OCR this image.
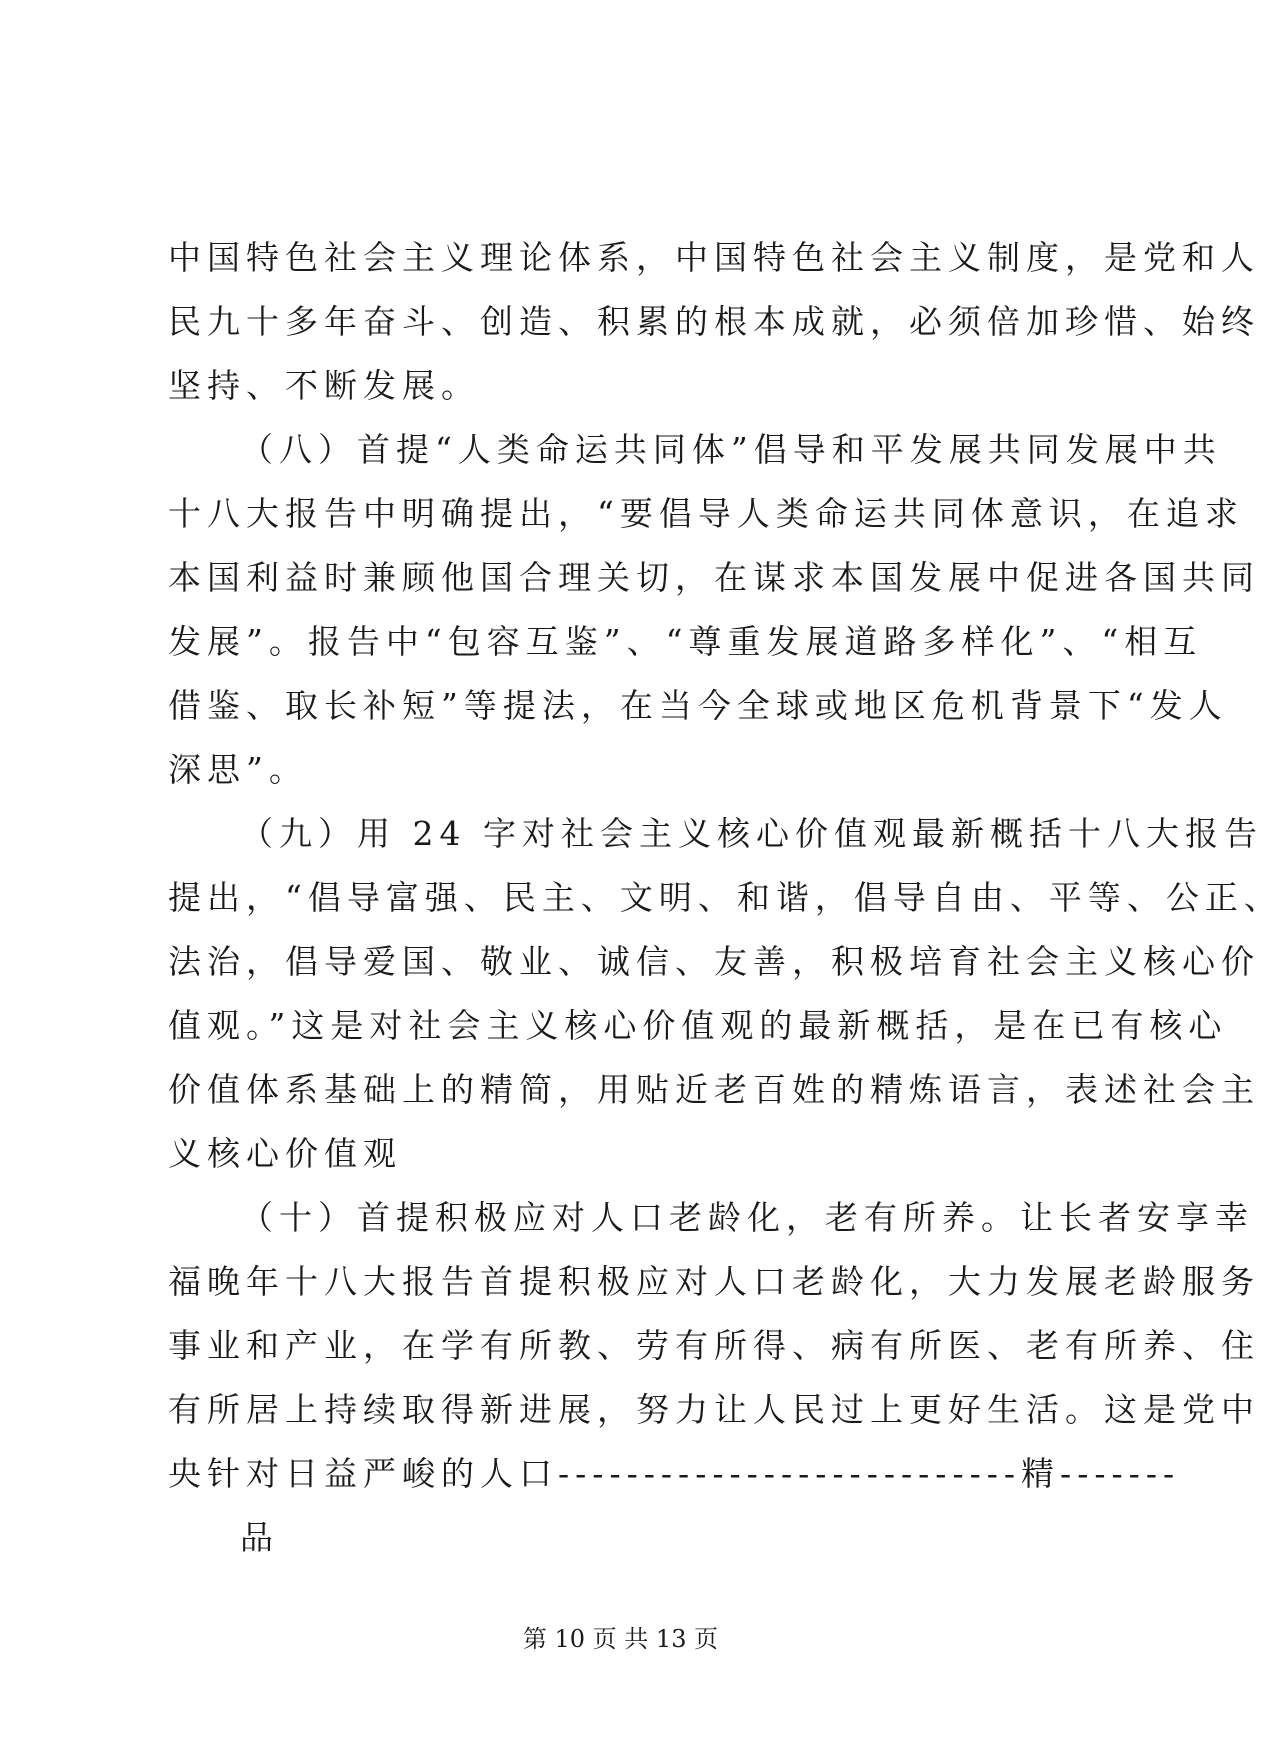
中国特色社会主义理论体系，中国特色社会主义制度，是党和人
民九十多年奋斗、创造、积累的根本成就，必须倍加珍惜、始终
坚持、不断发展。
（八）首提“人类命运共同体”倡导和平发展共同发展中共
十八大报告中明确提出，“要倡导人类命运共同体意识，在追求
本国利益时兼顾他国合理关切，在谋求本国发展中促进各国共同
发展”。报告中“包容互鉴”、“尊重发展道路多样化”、“相互
借鉴、取长补短”等提法，在当今全球或地区危机背景下“发人
深思”。
（九）用 24 字对社会主义核心价值观最新概括十八大报告
提出，“倡导富强、民主、文明、和谐，倡导自由、平等、公正、
法治，倡导爱国、敬业、诚信、友善，积极培育社会主义核心价
值观。”这是对社会主义核心价值观的最新概括，是在已有核心
价值体系基础上的精简，用贴近老百姓的精炼语言，表述社会主
义核心价值观
（十）首提积极应对人口老龄化，老有所养。让长者安享幸
福晚年十八大报告首提积极应对人口老龄化，大力发展老龄服务
事业和产业，在学有所教、劳有所得、病有所医、老有所养、住
有所居上持续取得新进展，努力让人民过上更好生活。这是党中
央针对日益严峻的人口---------------------------精-------
品
第 10 页 共 13 页
